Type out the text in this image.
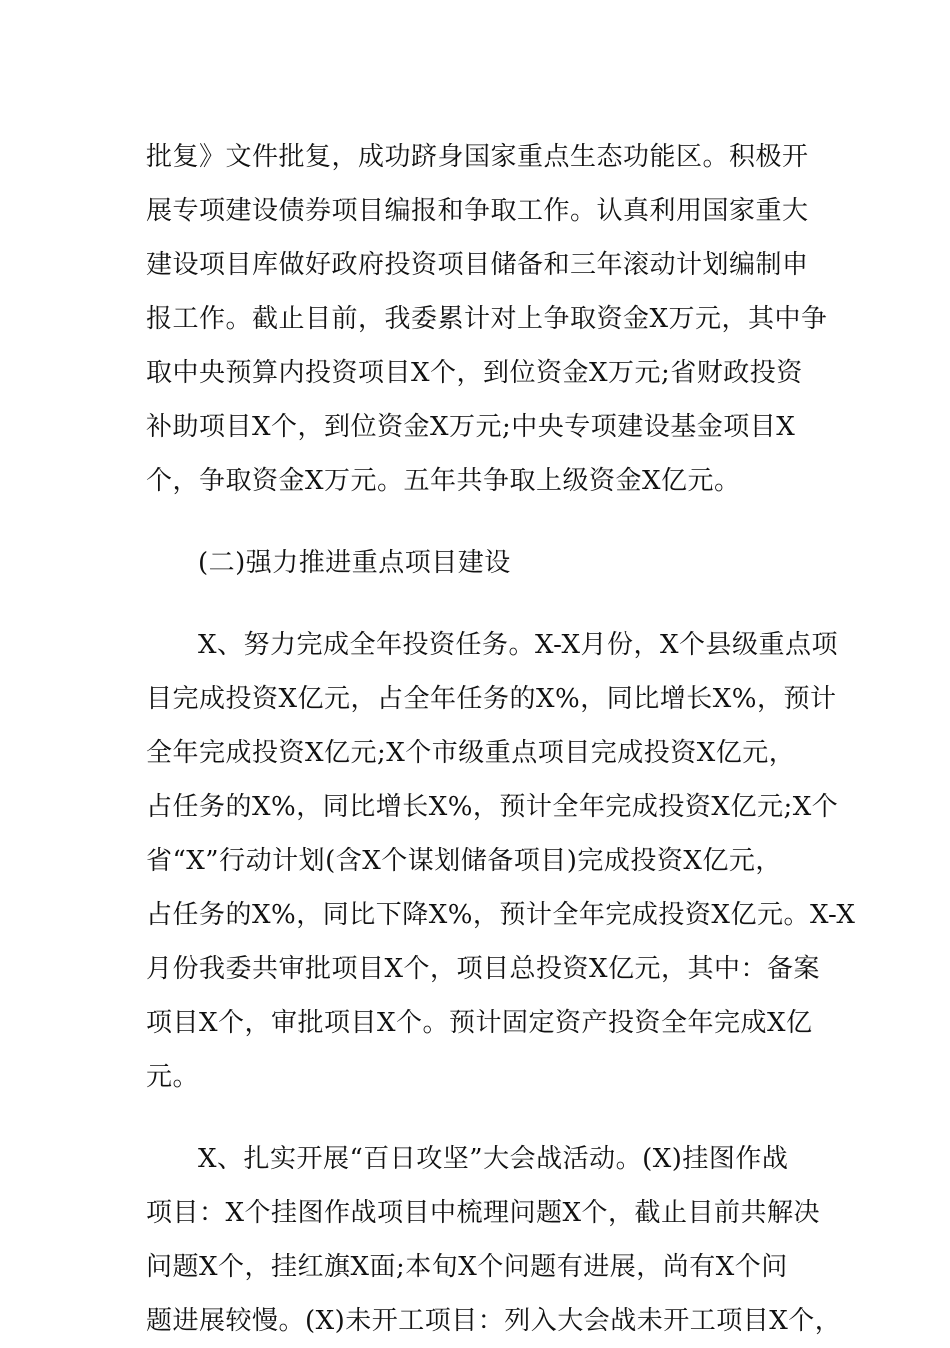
批复》文件批复，成功跻身国家重点生态功能区。积极开
展专项建设债券项目编报和争取工作。认真利用国家重大
建设项目库做好政府投资项目储备和三年滚动计划编制申
报工作。截止目前，我委累计对上争取资金X万元，其中争
取中央预算内投资项目X个，到位资金X万元;省财政投资
补助项目X个，到位资金X万元;中央专项建设基金项目X
个，争取资金X万元。五年共争取上级资金X亿元。
(二)强力推进重点项目建设
X、努力完成全年投资任务。X-X月份，X个县级重点项
目完成投资X亿元，占全年任务的X%，同比增长X%，预计
全年完成投资X亿元;X个市级重点项目完成投资X亿元，
占任务的X%，同比增长X%，预计全年完成投资X亿元;X个
省“X”行动计划(含X个谋划储备项目)完成投资X亿元，
占任务的X%，同比下降X%，预计全年完成投资X亿元。X-X
月份我委共审批项目X个，项目总投资X亿元，其中：备案
项目X个，审批项目X个。预计固定资产投资全年完成X亿
元。
X、扎实开展“百日攻坚”大会战活动。(X)挂图作战
项目：X个挂图作战项目中梳理问题X个，截止目前共解决
问题X个，挂红旗X面;本旬X个问题有进展，尚有X个问
题进展较慢。(X)未开工项目：列入大会战未开工项目X个，
